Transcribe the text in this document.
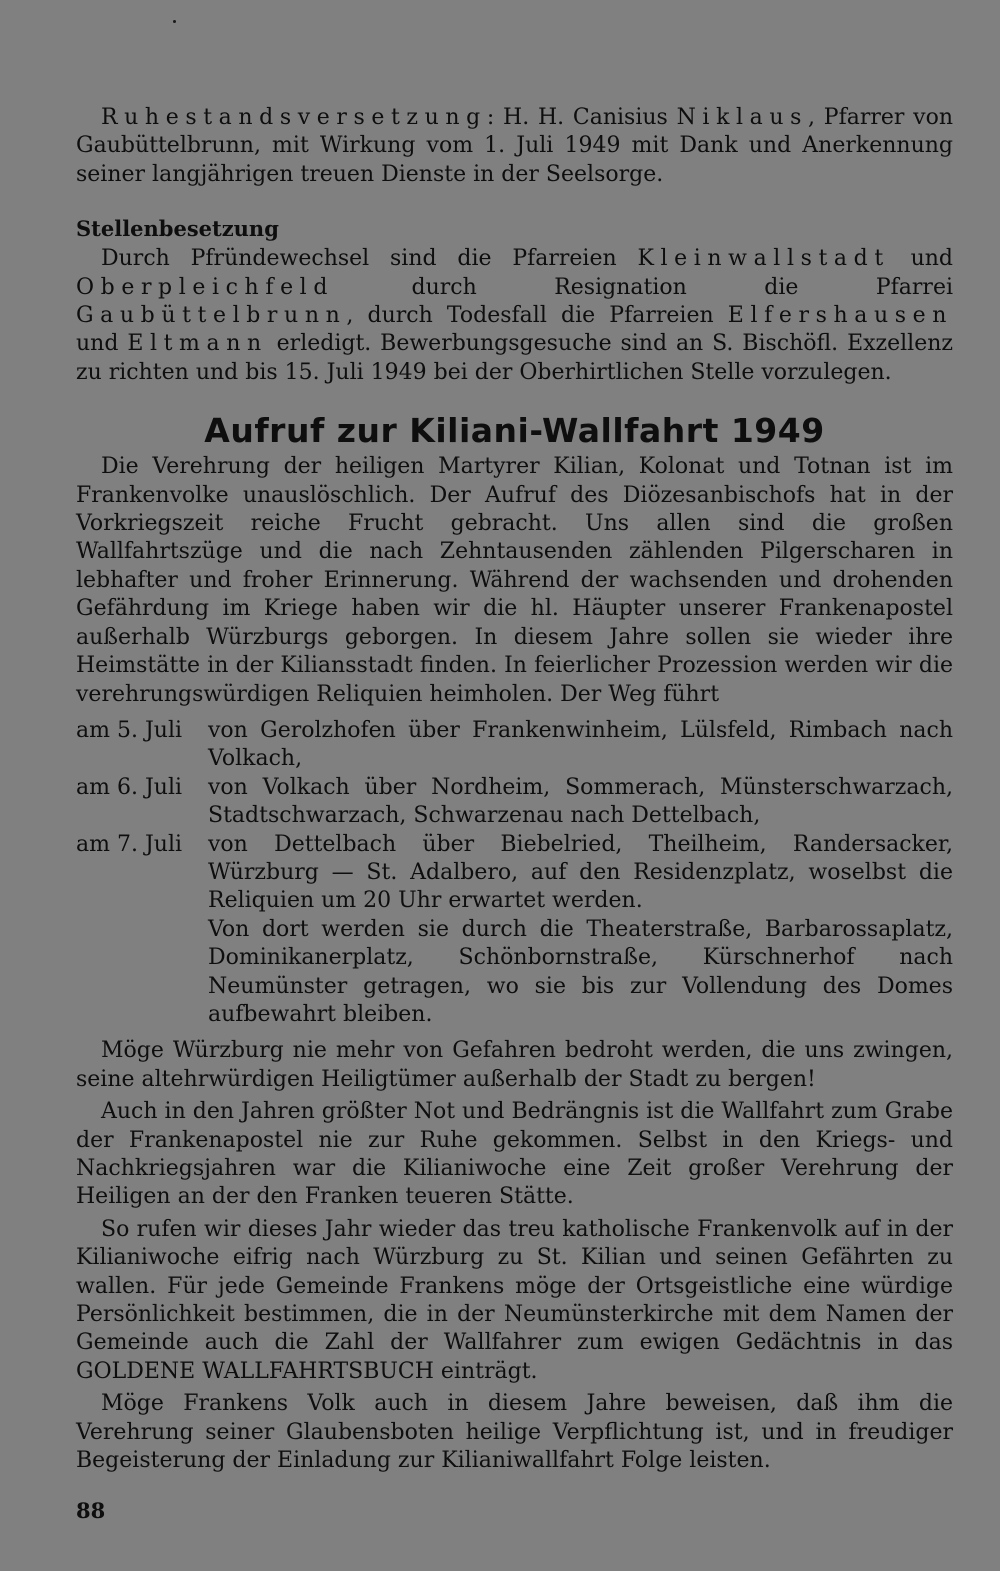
Ruhestandsversetzung: H. H. Canisius Niklaus, Pfarrer von Gaubüttelbrunn, mit Wirkung vom 1. Juli 1949 mit Dank und Anerkennung seiner langjährigen treuen Dienste in der Seelsorge.

Stellenbesetzung

Durch Pfründewechsel sind die Pfarreien Kleinwallstadt und Oberpleichfeld durch Resignation die Pfarrei Gaubüttelbrunn, durch Todesfall die Pfarreien Elfershausen und Eltmann erledigt. Bewerbungsgesuche sind an S. Bischöfl. Exzellenz zu richten und bis 15. Juli 1949 bei der Oberhirtlichen Stelle vorzulegen.

Aufruf zur Kiliani-Wallfahrt 1949

Die Verehrung der heiligen Martyrer Kilian, Kolonat und Totnan ist im Frankenvolke unauslöschlich. Der Aufruf des Diözesanbischofs hat in der Vorkriegszeit reiche Frucht gebracht. Uns allen sind die großen Wallfahrtszüge und die nach Zehntausenden zählenden Pilgerscharen in lebhafter und froher Erinnerung. Während der wachsenden und drohenden Gefährdung im Kriege haben wir die hl. Häupter unserer Frankenapostel außerhalb Würzburgs geborgen. In diesem Jahre sollen sie wieder ihre Heimstätte in der Kiliansstadt finden. In feierlicher Prozession werden wir die verehrungswürdigen Reliquien heimholen. Der Weg führt

am 5. Juli	von Gerolzhofen über Frankenwinheim, Lülsfeld, Rimbach nach Volkach,
am 6. Juli	von Volkach über Nordheim, Sommerach, Münsterschwarzach, Stadtschwarzach, Schwarzenau nach Dettelbach,
am 7. Juli	von Dettelbach über Biebelried, Theilheim, Randersacker, Würzburg — St. Adalbero, auf den Residenzplatz, woselbst die Reliquien um 20 Uhr erwartet werden.
Von dort werden sie durch die Theaterstraße, Barbarossaplatz, Dominikanerplatz, Schönbornstraße, Kürschnerhof nach Neumünster getragen, wo sie bis zur Vollendung des Domes aufbewahrt bleiben.

Möge Würzburg nie mehr von Gefahren bedroht werden, die uns zwingen, seine altehrwürdigen Heiligtümer außerhalb der Stadt zu bergen!

Auch in den Jahren größter Not und Bedrängnis ist die Wallfahrt zum Grabe der Frankenapostel nie zur Ruhe gekommen. Selbst in den Kriegs- und Nachkriegsjahren war die Kilianiwoche eine Zeit großer Verehrung der Heiligen an der den Franken teueren Stätte.

So rufen wir dieses Jahr wieder das treu katholische Frankenvolk auf in der Kilianiwoche eifrig nach Würzburg zu St. Kilian und seinen Gefährten zu wallen. Für jede Gemeinde Frankens möge der Ortsgeistliche eine würdige Persönlichkeit bestimmen, die in der Neumünsterkirche mit dem Namen der Gemeinde auch die Zahl der Wallfahrer zum ewigen Gedächtnis in das GOLDENE WALLFAHRTSBUCH einträgt.

Möge Frankens Volk auch in diesem Jahre beweisen, daß ihm die Verehrung seiner Glaubensboten heilige Verpflichtung ist, und in freudiger Begeisterung der Einladung zur Kilianiwallfahrt Folge leisten.

88
